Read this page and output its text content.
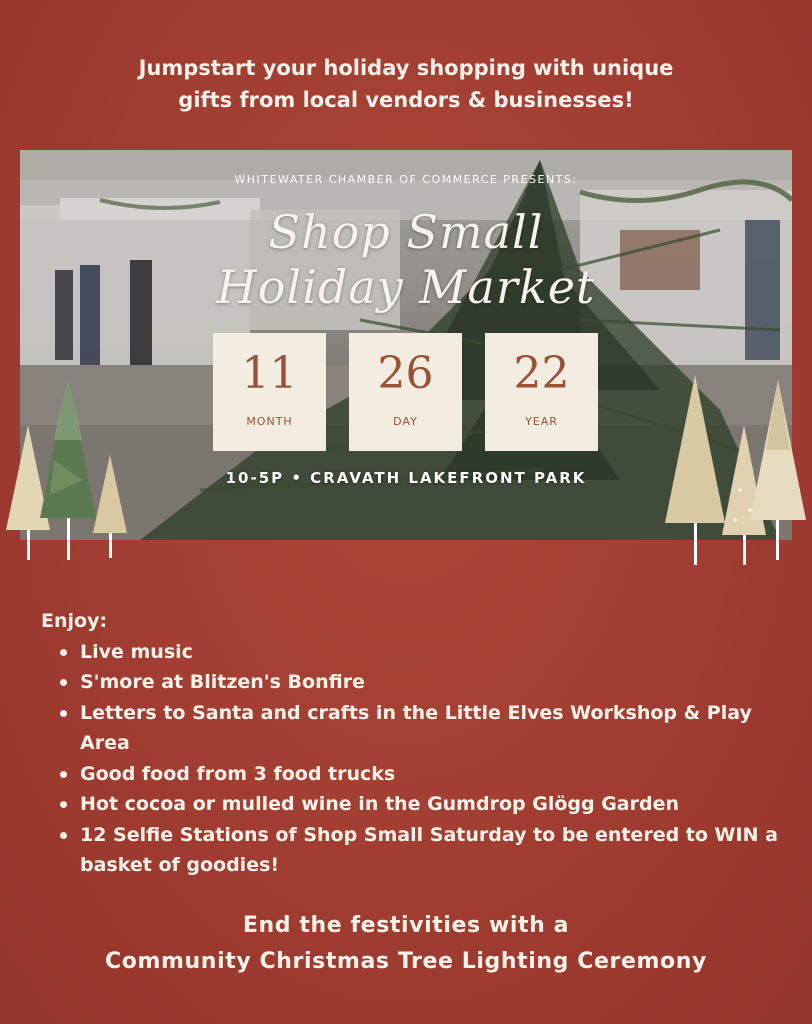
Jumpstart your holiday shopping with unique
gifts from local vendors & businesses!
WHITEWATER CHAMBER OF COMMERCE PRESENTS:
Shop Small
Holiday Market
11
MONTH
26
DAY
22
YEAR
10-5P • CRAVATH LAKEFRONT PARK
Enjoy:
Live music
S'more at Blitzen's Bonfire
Letters to Santa and crafts in the Little Elves Workshop & Play Area
Good food from 3 food trucks
Hot cocoa or mulled wine in the Gumdrop Glögg Garden
12 Selfie Stations of Shop Small Saturday to be entered to WIN a basket of goodies!
End the festivities with a
Community Christmas Tree Lighting Ceremony
